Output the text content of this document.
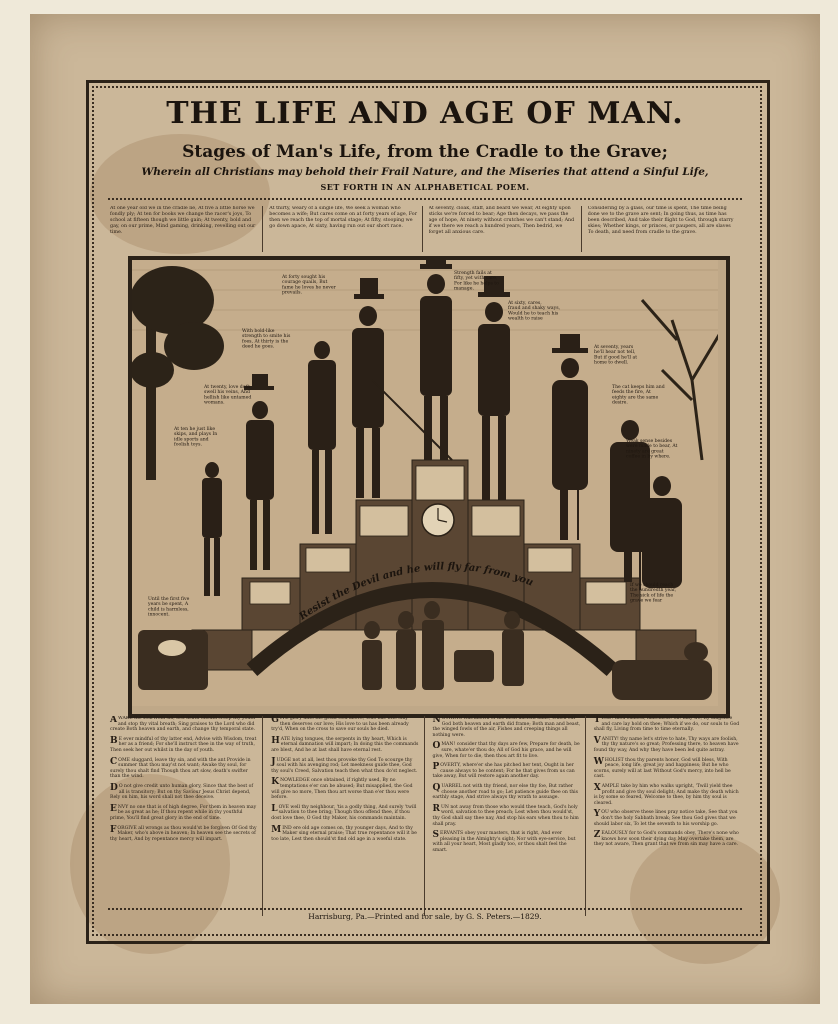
THE LIFE AND AGE OF MAN.
Stages of Man's Life, from the Cradle to the Grave;
Wherein all Christians may behold their Frail Nature, and the Miseries that attend a Sinful Life,
SET FORTH IN AN ALPHABETICAL POEM.
At one year old we in the cradle lie, At five a little horse we fondly ply; At ten for books we change the racer's joys, To school at fifteen though we little gain; At twenty, bold and gay, on our prime, Mind gaming, drinking, revelling out our time.
At thirty, weary of a single life, We seek a woman who becomes a wife; But cares come on at forty years of age, For then we reach the top of mortal stage; At fifty, stooping we go down apace, At sixty, having run out our short race.
At seventy, cloak, staff, and beard we wear, At eighty upon sticks we're forced to bear; Age then decays, we pass the age of hope, At ninety without crutches we can't stand; And if we there we reach a hundred years, Then bedrid, we forget all anxious care.
Considering by a glass, our time is spent, The time being done we to the grave are sent; In going thus, as time has been described, And take their flight to God, through starry skies; Whether kings, or princes, or paupers, all are slaves To death, and need from cradle to the grave.
Resist the Devil and he will fly far from you
Until the first five years be spent, A child is harmless, innocent.
At ten he just like skips, and plays In idle sports and foolish toys.
At twenty, love doth swell his veins, And hellish like untamed womans.
With bold-like strength to smite his foes, At thirty is the deed he goes.
At forty sought his courage quails, But fame he loves he never prevails.
Strength fails at fifty, yet with care, For like he helps to manage.
At sixty, cares, fraud and shaky ways, Would he to teach his wealth to raise
At seventy, years he'll hear not tell, But if good he'll at home to dwell.
The cat keeps him and feeds the fire, At eighty are the same desire.
Weak sense besides were made to bear, At ninety are great coffee in by where.
If we should reach the hundredth year, The sick of life the grave we fear
AWAKE the soul from sin, lest death Should creep thy youth and stop thy vital breath; Sing praises to the Lord who did create Both heaven and earth, and change thy temporal state.
B E ever mindful of thy latter end, Advise with Wisdom, treat her as a friend; For she'll instruct thee in the way of truth, Then seek her out whilst in the day of youth.
COME sluggard, leave thy sin, and with the ant Provide in summer that thou may'st not want; Awake thy soul, for surely thou shalt find Though thou art slow, death's swifter than the wind.
D O not give credit unto human glory, Since that the best of all is transitory; But on thy Saviour Jesus Christ depend, Rely on him, his word shall not thee deceive.
ENVY no one that is of high degree, For them in heaven may be as great as he; If thou repent while in thy youthful prime, You'll find great glory in the end of time.
FORGIVE all wrongs as thou would'st be forgiven Of God thy Maker, who's above in heaven; In heaven see the secrets of thy heart, And by repentance mercy will impart.
GIVE glory unto the great God above, Who has who only then deserves our love; His love to us has been already try'd, When on the cross to save our souls he died.
HATE lying tongues, the serpents in thy heart, Which is eternal damnation will impart; In doing this the commands are blest, And he at last shall have eternal rest.
JUDGE not at all, lest thou provoke thy God To scourge thy soul with his avenging rod; Let meekness guide thee, God thy soul's Creed, Salvation teach then what thou do'st neglect.
KNOWLEDGE once obtained, if rightly used, By no temptations e'er can be abused; But misapplied, the God will give no more, Then thou art worse than e'er thou were before.
LOVE well thy neighbour, 'tis a godly thing, And surely 'twill salvation to thee bring; Though thou offend thee, if thou dost love thee, O God thy Maker, his commands maintain.
MIND ere old age comes on, thy younger days, And to thy Maker sing eternal praise; That true repentance will it be too late, Lest then should'st find old age in a woeful state.
NOTHING was known of the most ancient fame, Which our God both heaven and earth did frame; Both man and beast, the winged fowls of the air, Fishes and creeping things all nothing were.
OMAN! consider that thy days are few, Prepare for death, be sure, whate'er thou do; All of God his grace, and he will give, When for to die, then thou art fit to live.
POVERTY, where'er she has pitched her tent, Ought in her cause always to be content; For he that gives from us can take away, But will restore again another day.
QUARREL not with thy friend, nor else thy foe, But rather choose another road to go; Let patience guide thee on this earthly stage, And strive always thy wrath to assuage.
RUN not away from those who would thee teach, God's holy word, salvation to thee preach; Lest when thou would'st, thy God shall say thee nay, And stop his ears when thou to him shall pray.
SERVANTS obey your masters, that is right, And ever pleasing in the Almighty's sight; Nor with eye-service, but with all your heart, Most gladly too, or thou shalt feel the smart.
TIME! thou endless, matchless! oh! may we, By diligence and care lay hold on thee; Which if we do, our souls to God shall fly, Living from time to time eternally.
VANITY! thy name let's strive to hate, Thy ways are foolish, thy thy nature's so great; Professing there, to heaven have found thy way, And why they have been led quite astray.
WHOLIST thou thy parents honor, God will bless, With peace, long life, great joy and happiness; But he who scorns, surely will at last Without God's mercy, into hell be cast.
XAMPLE take by him who walks upright, 'Twill yield thee profit and give thy soul delight; And make thy death which is by some so feared, Welcome to thee, by him thy soul is cleared.
YOU who observe these lines pray notice take, See that you don't the holy Sabbath break; See thou God gives that we should labor six, To let the seventh to his worship go.
ZEALOUSLY for to God's commands obey, There's none who knows how soon their dying day May overtake them, are they not aware, Then grant that we from sin may have a care.
Harrisburg, Pa.—Printed and for sale, by G. S. Peters.—1829.
